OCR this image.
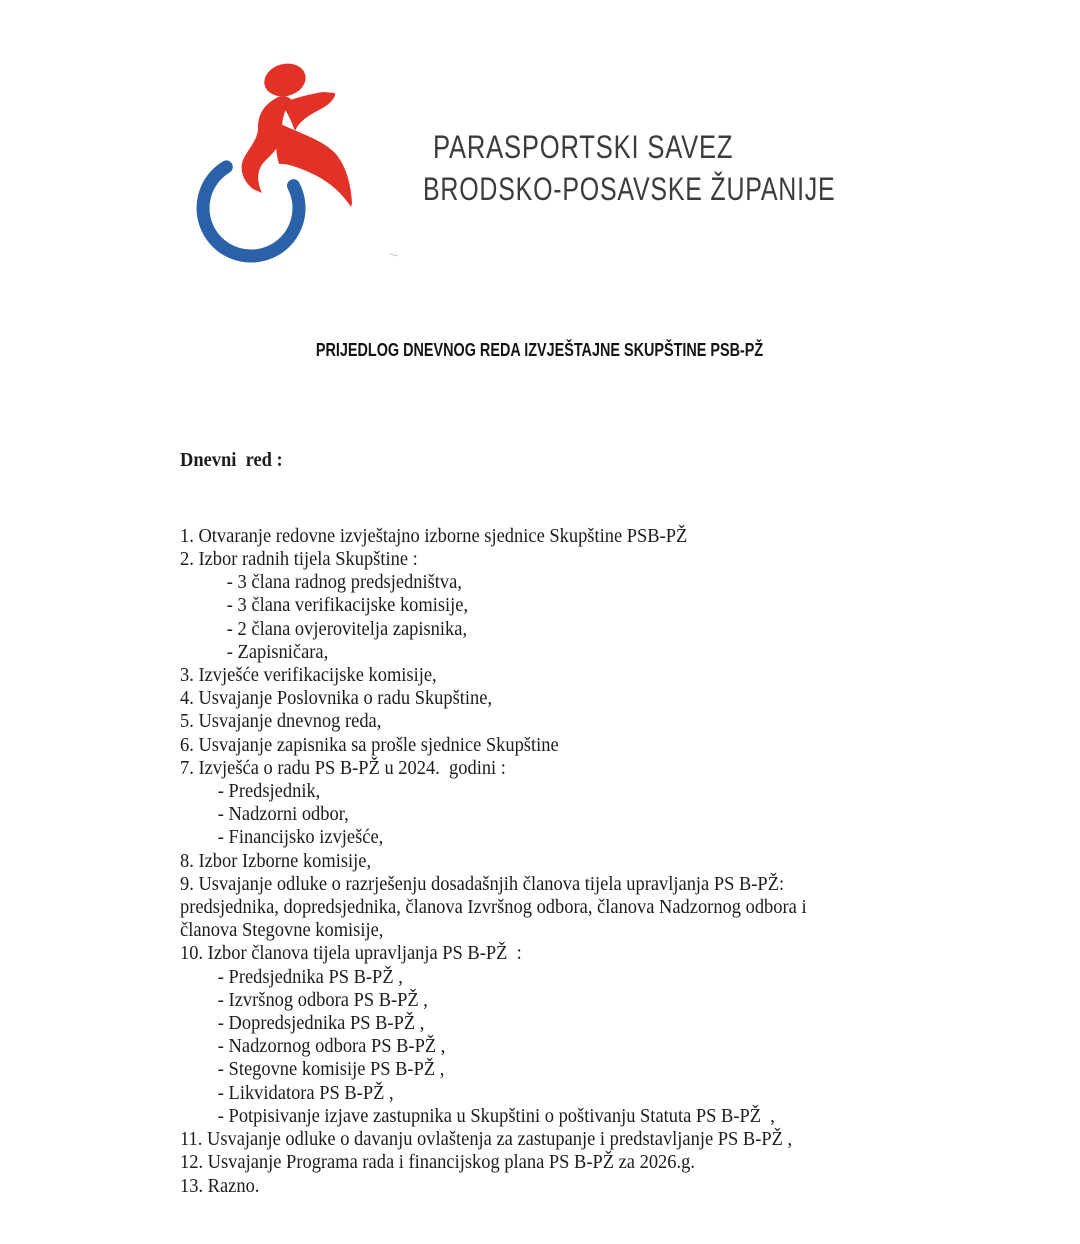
PARASPORTSKI SAVEZ
BRODSKO-POSAVSKE ŽUPANIJE
~

PRIJEDLOG DNEVNOG REDA IZVJEŠTAJNE SKUPŠTINE PSB-PŽ

Dnevni  red :

1. Otvaranje redovne izvještajno izborne sjednice Skupštine PSB-PŽ
2. Izbor radnih tijela Skupštine :
- 3 člana radnog predsjedništva,
- 3 člana verifikacijske komisije,
- 2 člana ovjerovitelja zapisnika,
- Zapisničara,
3. Izvješće verifikacijske komisije,
4. Usvajanje Poslovnika o radu Skupštine,
5. Usvajanje dnevnog reda,
6. Usvajanje zapisnika sa prošle sjednice Skupštine
7. Izvješća o radu PS B-PŽ u 2024.  godini :
- Predsjednik,
- Nadzorni odbor,
- Financijsko izvješće,
8. Izbor Izborne komisije,
9. Usvajanje odluke o razrješenju dosadašnjih članova tijela upravljanja PS B-PŽ:
predsjednika, dopredsjednika, članova Izvršnog odbora, članova Nadzornog odbora i
članova Stegovne komisije,
10. Izbor članova tijela upravljanja PS B-PŽ  :
- Predsjednika PS B-PŽ ,
- Izvršnog odbora PS B-PŽ ,
- Dopredsjednika PS B-PŽ ,
- Nadzornog odbora PS B-PŽ ,
- Stegovne komisije PS B-PŽ ,
- Likvidatora PS B-PŽ ,
- Potpisivanje izjave zastupnika u Skupštini o poštivanju Statuta PS B-PŽ  ,
11. Usvajanje odluke o davanju ovlaštenja za zastupanje i predstavljanje PS B-PŽ ,
12. Usvajanje Programa rada i financijskog plana PS B-PŽ za 2026.g.
13. Razno.
